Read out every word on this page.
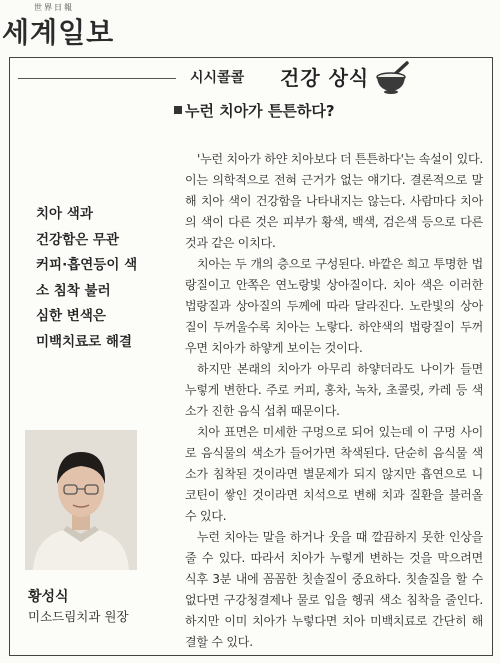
世界日報
세계일보
시시콜콜 건강 상식
누런 치아가 튼튼하다?
치아 색과
건강함은 무관
커피·흡연등이 색
소 침착 불러
심한 변색은
미백치료로 해결
황성식
미소드림치과 원장

'누런 치아가 하얀 치아보다 더 튼튼하다'는 속설이 있다. 이는 의학적으로 전혀 근거가 없는 얘기다. 결론적으로 말해 치아 색이 건강함을 나타내지는 않는다. 사람마다 치아의 색이 다른 것은 피부가 황색, 백색, 검은색 등으로 다른 것과 같은 이치다.

치아는 두 개의 층으로 구성된다. 바깥은 희고 투명한 법랑질이고 안쪽은 연노랑빛 상아질이다. 치아 색은 이러한 법랑질과 상아질의 두께에 따라 달라진다. 노란빛의 상아질이 두꺼울수록 치아는 노랗다. 하얀색의 법랑질이 두꺼우면 치아가 하얗게 보이는 것이다.

하지만 본래의 치아가 아무리 하얗더라도 나이가 들면 누렇게 변한다. 주로 커피, 홍차, 녹차, 초콜릿, 카레 등 색소가 진한 음식 섭취 때문이다.

치아 표면은 미세한 구멍으로 되어 있는데 이 구멍 사이로 음식물의 색소가 들어가면 착색된다. 단순히 음식물 색소가 침착된 것이라면 별문제가 되지 않지만 흡연으로 니코틴이 쌓인 것이라면 치석으로 변해 치과 질환을 불러올 수 있다.

누런 치아는 말을 하거나 웃을 때 깔끔하지 못한 인상을 줄 수 있다. 따라서 치아가 누렇게 변하는 것을 막으려면 식후 3분 내에 꼼꼼한 칫솔질이 중요하다. 칫솔질을 할 수 없다면 구강청결제나 물로 입을 헹궈 색소 침착을 줄인다. 하지만 이미 치아가 누렇다면 치아 미백치료로 간단히 해결할 수 있다.
